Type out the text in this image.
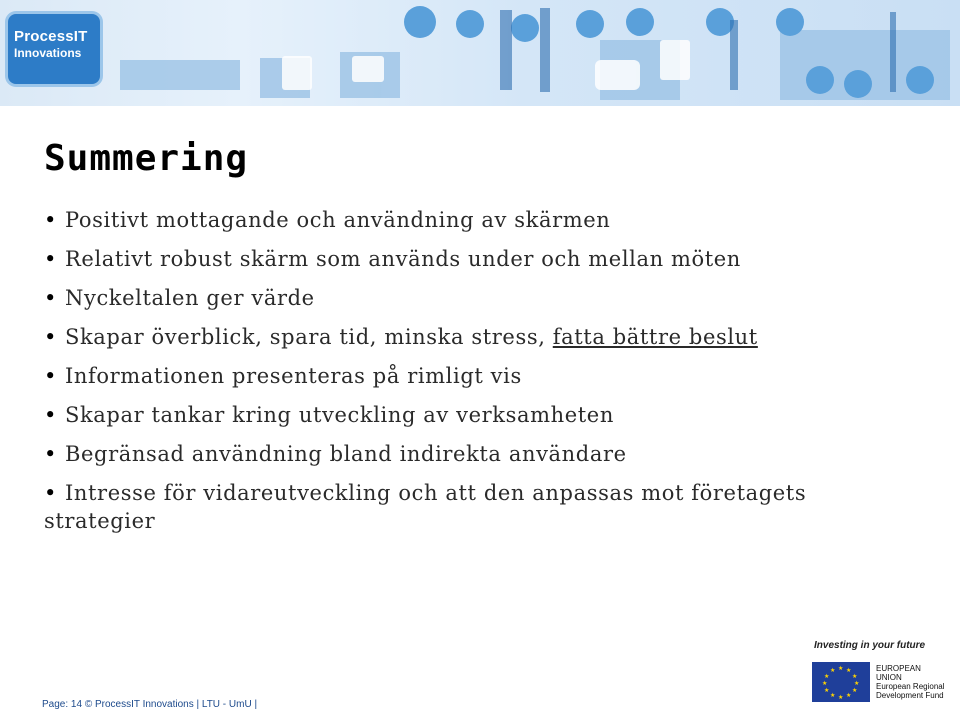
ProcessIT
Innovations
Summering
• Positivt mottagande och användning av skärmen
• Relativt robust skärm som används under och mellan möten
• Nyckeltalen ger värde
• Skapar överblick, spara tid, minska stress, fatta bättre beslut
• Informationen presenteras på rimligt vis
• Skapar tankar kring utveckling av verksamheten
• Begränsad användning bland indirekta användare
• Intresse för vidareutveckling och att den anpassas mot företagets strategier
Investing in your future
★ ★
★
★
★
★
★
★
★
★
★
★	EUROPEAN
UNION
European Regional
Development Fund
Page: 14 © ProcessIT Innovations | LTU - UmU |
